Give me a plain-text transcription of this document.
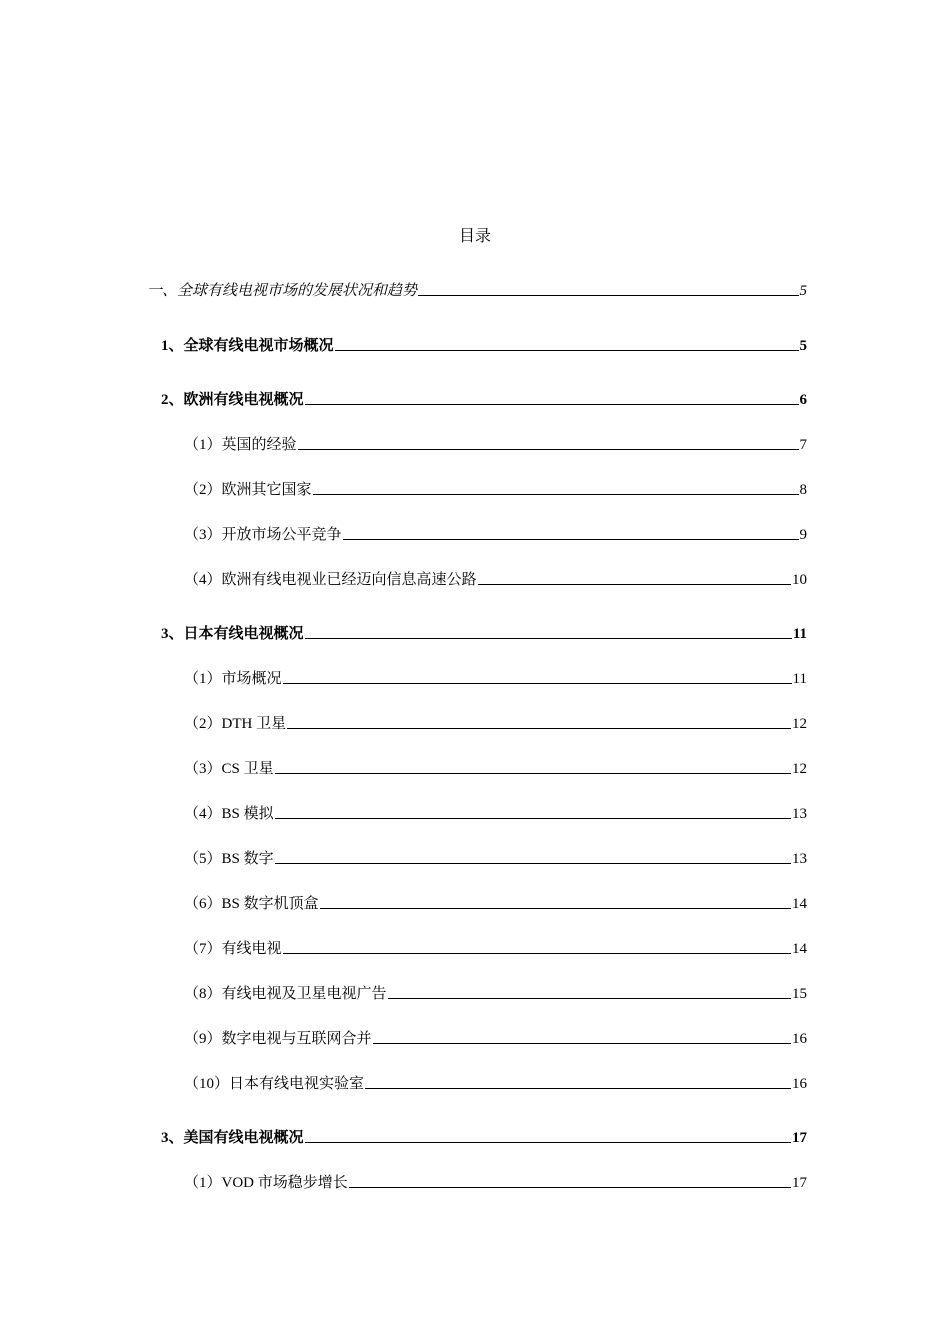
目录
一、全球有线电视市场的发展状况和趋势	5
1、全球有线电视市场概况	5
2、欧洲有线电视概况	6
（1）英国的经验	7
（2）欧洲其它国家	8
（3）开放市场公平竞争	9
（4）欧洲有线电视业已经迈向信息高速公路	10
3、日本有线电视概况	11
（1）市场概况	11
（2）DTH 卫星	12
（3）CS 卫星	12
（4）BS 模拟	13
（5）BS 数字	13
（6）BS 数字机顶盒	14
（7）有线电视	14
（8）有线电视及卫星电视广告	15
（9）数字电视与互联网合并	16
（10）日本有线电视实验室	16
3、美国有线电视概况	17
（1）VOD 市场稳步增长	17
